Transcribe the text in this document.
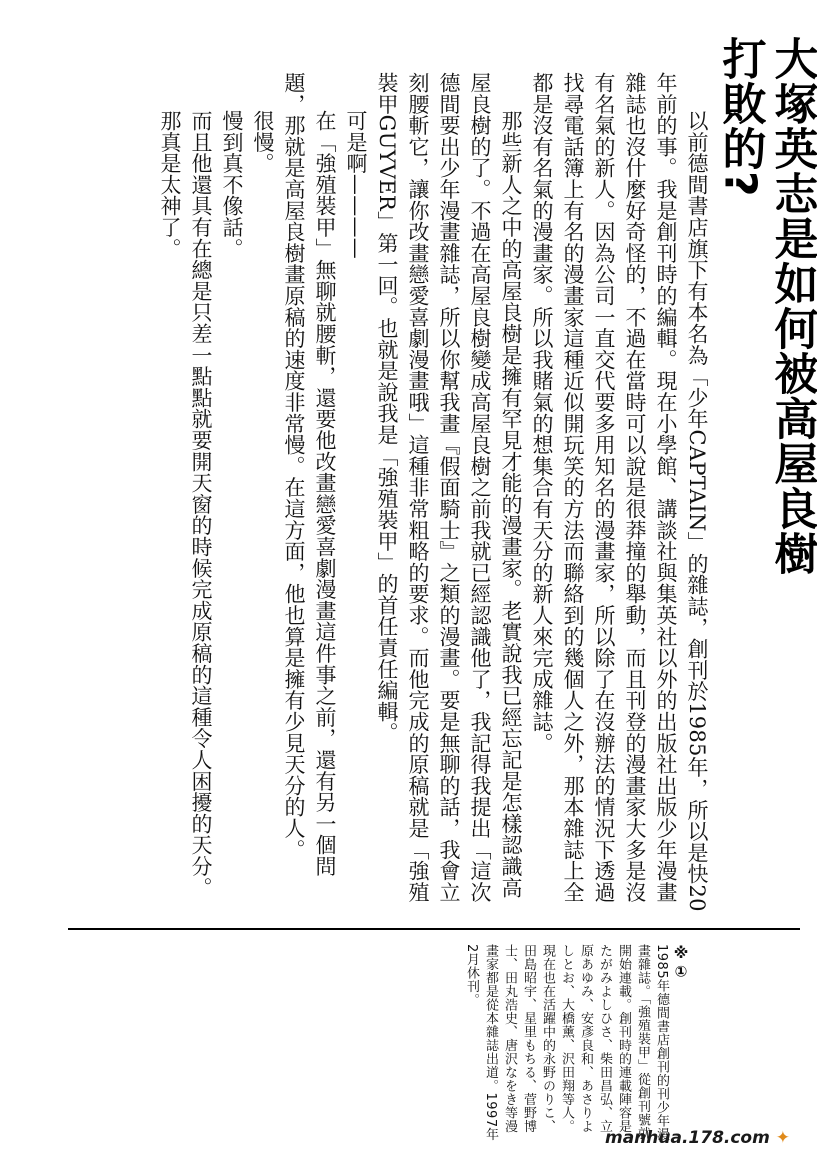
大塚英志是如何被高屋良樹打敗的?

以前德間書店旗下有本名為「少年CAPTAIN」的雜誌，創刊於1985年，所以是快20年前的事。我是創刊時的編輯。現在小學館、講談社與集英社以外的出版社出版少年漫畫雜誌也沒什麼好奇怪的，不過在當時可以說是很莽撞的舉動，而且刊登的漫畫家大多是沒有名氣的新人。因為公司一直交代要多用知名的漫畫家，所以除了在沒辦法的情況下透過找尋電話簿上有名的漫畫家這種近似開玩笑的方法而聯絡到的幾個人之外，那本雜誌上全都是沒有名氣的漫畫家。所以我賭氣的想集合有天分的新人來完成雜誌。

那些新人之中的高屋良樹是擁有罕見才能的漫畫家。老實說我已經忘記是怎樣認識高屋良樹的了。不過在高屋良樹變成高屋良樹之前我就已經認識他了，我記得我提出「這次德間要出少年漫畫雜誌，所以你幫我畫『假面騎士』之類的漫畫。要是無聊的話，我會立刻腰斬它，讓你改畫戀愛喜劇漫畫哦」這種非常粗略的要求。而他完成的原稿就是「強殖裝甲GUYVER」第一回。也就是說我是「強殖裝甲」的首任責任編輯。

可是啊————

在「強殖裝甲」無聊就腰斬，還要他改畫戀愛喜劇漫畫這件事之前，還有另一個問題，那就是高屋良樹畫原稿的速度非常慢。在這方面，他也算是擁有少見天分的人。

很慢。

慢到真不像話。

而且他還具有在總是只差一點點就要開天窗的時候完成原稿的這種令人困擾的天分。

那真是太神了。

※①

1985年德間書店創刊的刊少年漫畫雜誌。「強殖裝甲」從創刊號就開始連載。創刊時的連載陣容是たがみよしひさ、柴田昌弘、立原あゆみ、安彥良和、あさりよしとお、大橋薰、沢田翔等人。現在也在活躍中的永野のりこ、田島昭宇、星里もちる、菅野博士、田丸浩史、唐沢なをき等漫畫家都是從本雜誌出道。1997年2月休刊。

manhua.178.com ✦
